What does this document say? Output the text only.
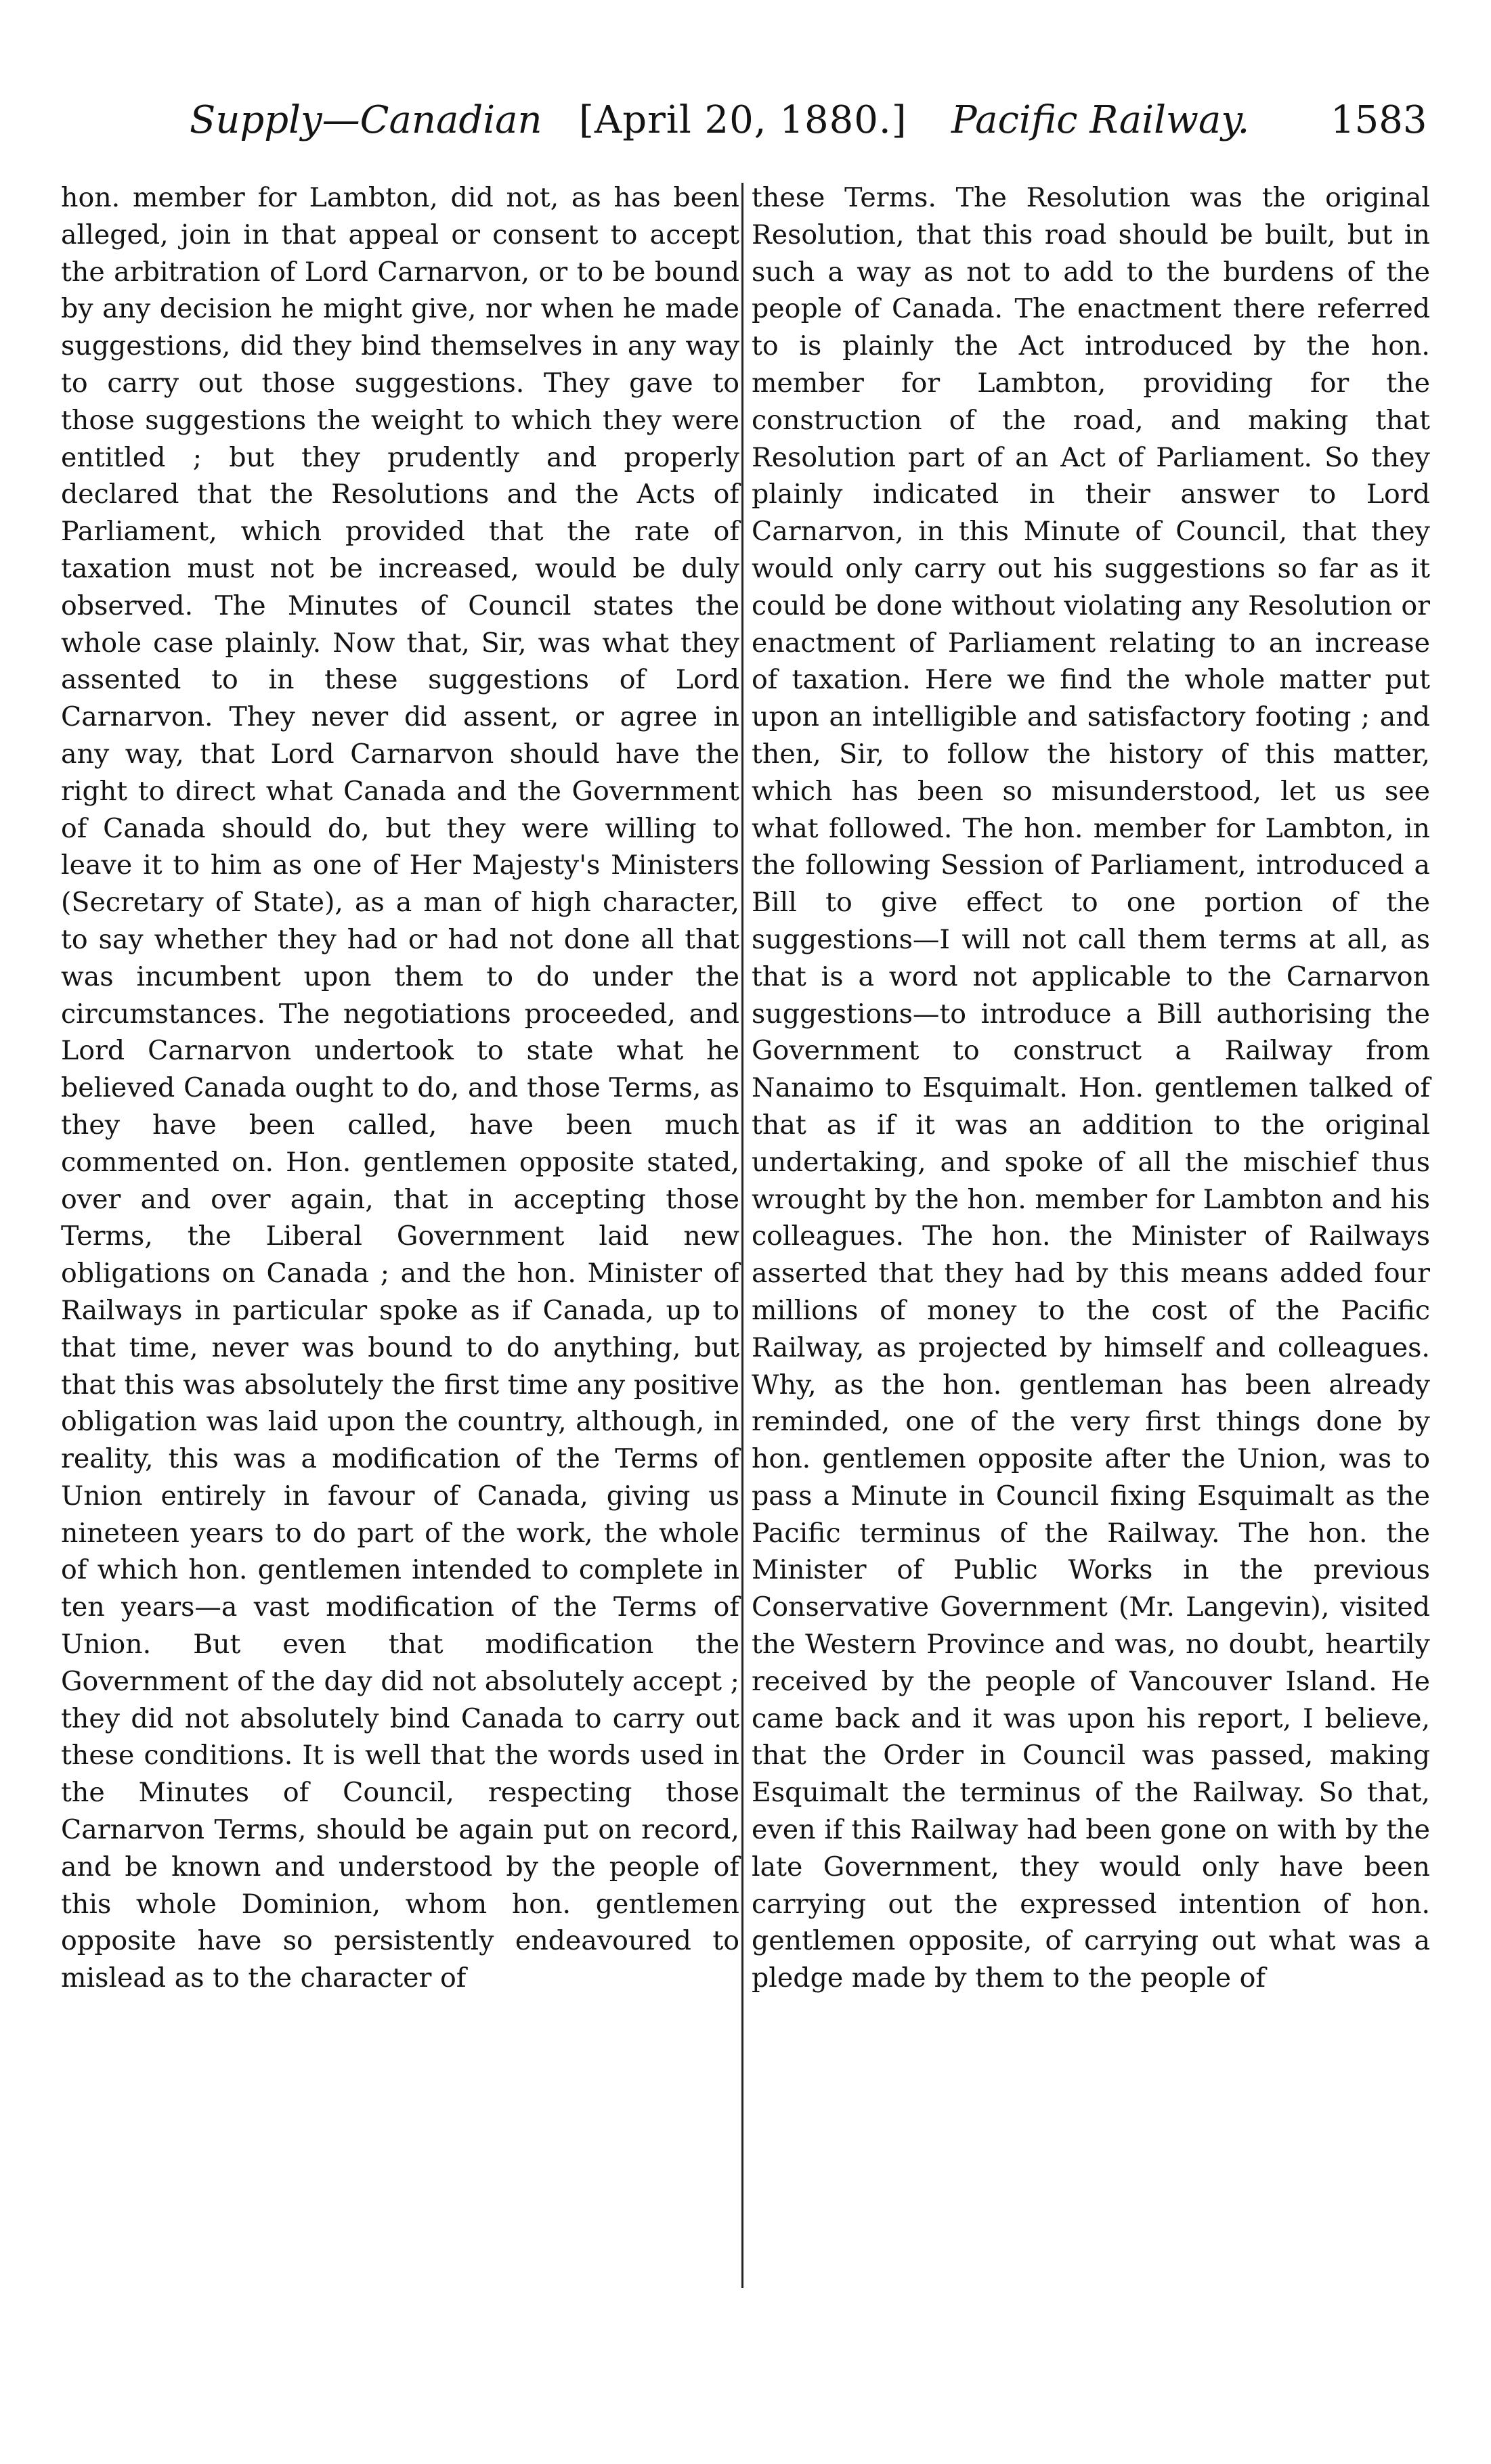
Supply—Canadian [April 20, 1880.] Pacific Railway. 1583

hon. member for Lambton, did not, as has been alleged, join in that appeal or consent to accept the arbitration of Lord Carnarvon, or to be bound by any decision he might give, nor when he made suggestions, did they bind themselves in any way to carry out those suggestions. They gave to those suggestions the weight to which they were entitled ; but they prudently and properly declared that the Resolutions and the Acts of Parliament, which provided that the rate of taxation must not be increased, would be duly observed. The Minutes of Council states the whole case plainly. Now that, Sir, was what they assented to in these suggestions of Lord Carnarvon. They never did assent, or agree in any way, that Lord Carnarvon should have the right to direct what Canada and the Government of Canada should do, but they were willing to leave it to him as one of Her Majesty's Ministers (Secretary of State), as a man of high character, to say whether they had or had not done all that was incumbent upon them to do under the circumstances. The negotiations proceeded, and Lord Carnarvon undertook to state what he believed Canada ought to do, and those Terms, as they have been called, have been much commented on. Hon. gentlemen opposite stated, over and over again, that in accepting those Terms, the Liberal Government laid new obligations on Canada ; and the hon. Minister of Railways in particular spoke as if Canada, up to that time, never was bound to do anything, but that this was absolutely the first time any positive obligation was laid upon the country, although, in reality, this was a modification of the Terms of Union entirely in favour of Canada, giving us nineteen years to do part of the work, the whole of which hon. gentlemen intended to complete in ten years—a vast modification of the Terms of Union. But even that modification the Government of the day did not absolutely accept ; they did not absolutely bind Canada to carry out these conditions. It is well that the words used in the Minutes of Council, respecting those Carnarvon Terms, should be again put on record, and be known and understood by the people of this whole Dominion, whom hon. gentlemen opposite have so persistently endeavoured to mislead as to the character of

these Terms. The Resolution was the original Resolution, that this road should be built, but in such a way as not to add to the burdens of the people of Canada. The enactment there referred to is plainly the Act introduced by the hon. member for Lambton, providing for the construction of the road, and making that Resolution part of an Act of Parliament. So they plainly indicated in their answer to Lord Carnarvon, in this Minute of Council, that they would only carry out his suggestions so far as it could be done without violating any Resolution or enactment of Parliament relating to an increase of taxation. Here we find the whole matter put upon an intelligible and satisfactory footing ; and then, Sir, to follow the history of this matter, which has been so misunderstood, let us see what followed. The hon. member for Lambton, in the following Session of Parliament, introduced a Bill to give effect to one portion of the suggestions—I will not call them terms at all, as that is a word not applicable to the Carnarvon suggestions—to introduce a Bill authorising the Government to construct a Railway from Nanaimo to Esquimalt. Hon. gentlemen talked of that as if it was an addition to the original undertaking, and spoke of all the mischief thus wrought by the hon. member for Lambton and his colleagues. The hon. the Minister of Railways asserted that they had by this means added four millions of money to the cost of the Pacific Railway, as projected by himself and colleagues. Why, as the hon. gentleman has been already reminded, one of the very first things done by hon. gentlemen opposite after the Union, was to pass a Minute in Council fixing Esquimalt as the Pacific terminus of the Railway. The hon. the Minister of Public Works in the previous Conservative Government (Mr. Langevin), visited the Western Province and was, no doubt, heartily received by the people of Vancouver Island. He came back and it was upon his report, I believe, that the Order in Council was passed, making Esquimalt the terminus of the Railway. So that, even if this Railway had been gone on with by the late Government, they would only have been carrying out the expressed intention of hon. gentlemen opposite, of carrying out what was a pledge made by them to the people of
